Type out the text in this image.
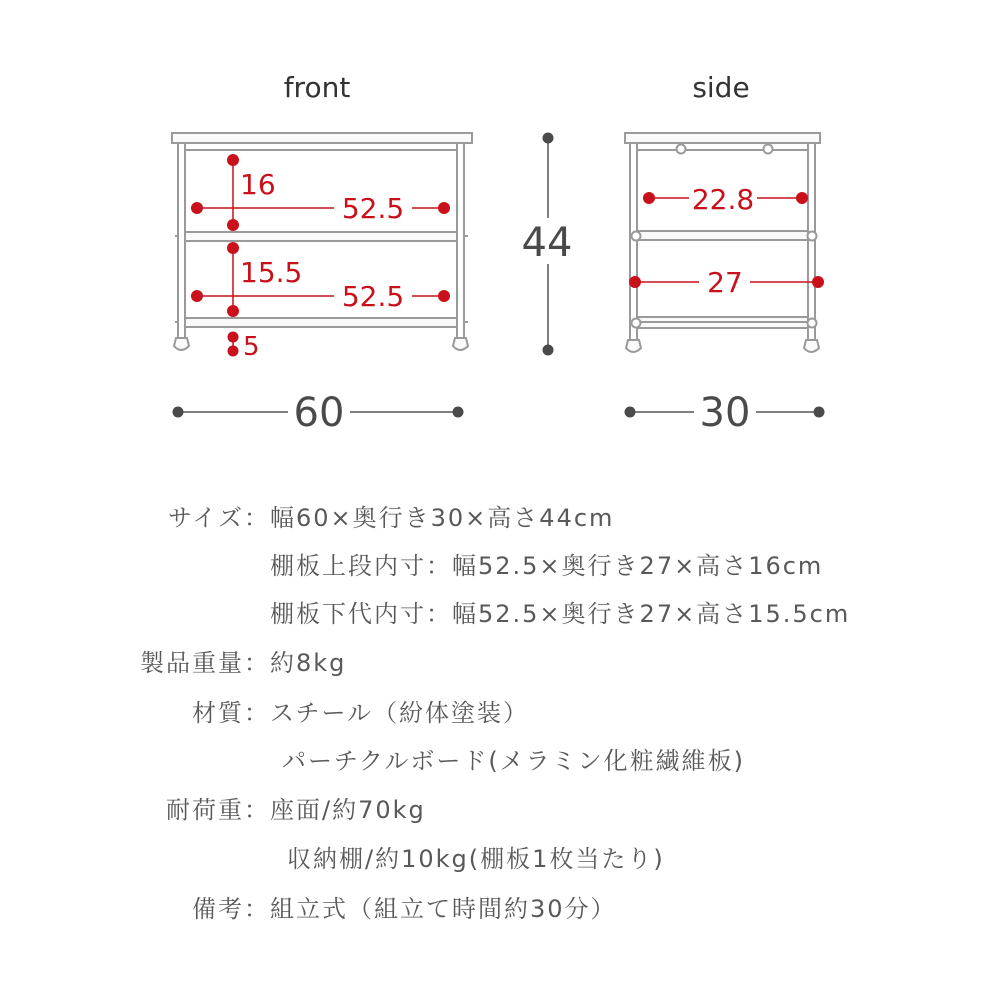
front
16
52.5
15.5
52.5
5
60
44
side
22.8
27
30
サイズ： 幅60×奥行き30×高さ44cm
棚板上段内寸：幅52.5×奥行き27×高さ16cm
棚板下代内寸：幅52.5×奥行き27×高さ15.5cm
製品重量： 約8kg
材質： スチール（紛体塗装）
パーチクルボード(メラミン化粧繊維板)
耐荷重： 座面/約70kg
収納棚/約10kg(棚板1枚当たり)
備考： 組立式（組立て時間約30分）
